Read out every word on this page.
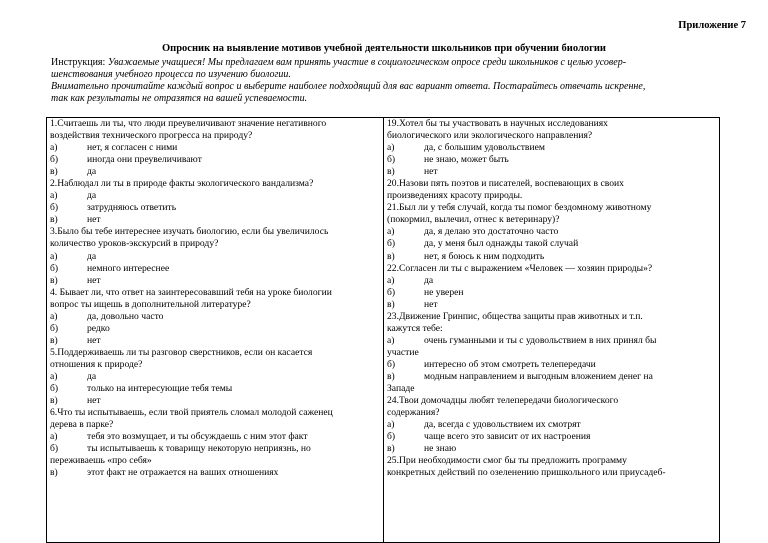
Приложение 7
Опросник на выявление мотивов учебной деятельности школьников при обучении биологии
Инструкция: Уважаемые учащиеся! Мы предлагаем вам принять участие в социологическом опросе среди школьников с целью усовер-
шенствования учебного процесса по изучению биологии.
Внимательно прочитайте каждый вопрос и выберите наиболее подходящий для вас вариант ответа. Постарайтесь отвечать искренне,
так как результаты не отразятся на вашей успеваемости.
1.Считаешь ли ты, что люди преувеличивают значение негативного
воздействия технического прогресса на природу?
а)	нет, я согласен с ними
б)	иногда они преувеличивают
в)	да
2.Наблюдал ли ты в природе факты экологического вандализма?
а)	да
б)	затрудняюсь ответить
в)	нет
3.Было бы тебе интереснее изучать биологию, если бы увеличилось
количество уроков-экскурсий в природу?
а)	да
б)	немного интереснее
в)	нет
4. Бывает ли, что ответ на заинтересовавший тебя на уроке биологии
вопрос ты ищешь в дополнительной литературе?
а)	да, довольно часто
б)	редко
в)	нет
5.Поддерживаешь ли ты разговор сверстников, если он касается
отношения к природе?
а)	да
б)	только на интересующие тебя темы
в)	нет
6.Что ты испытываешь, если твой приятель сломал молодой саженец
дерева в парке?
а)	тебя это возмущает, и ты обсуждаешь с ним этот факт
б)	ты испытываешь к товарищу некоторую неприязнь, но
переживаешь «про себя»
в)	этот факт не отражается на ваших отношениях
19.Хотел бы ты участвовать в научных исследованиях
биологического или экологического направления?
а)	да, с большим удовольствием
б)	не знаю, может быть
в)	нет
20.Назови пять поэтов и писателей, воспевающих в своих
произведениях красоту природы.
21.Был ли у тебя случай, когда ты помог бездомному животному
(покормил, вылечил, отнес к ветеринару)?
а)	да, я делаю это достаточно часто
б)	да, у меня был однажды такой случай
в)	нет, я боюсь к ним подходить
22.Согласен ли ты с выражением «Человек — хозяин природы»?
а)	да
б)	не уверен
в)	нет
23.Движение Гринпис, общества защиты прав животных и т.п.
кажутся тебе:
а)	очень гуманными и ты с удовольствием в них принял бы
участие
б)	интересно об этом смотреть телепередачи
в)	модным направлением и выгодным вложением денег на
Западе
24.Твои домочадцы любят телепередачи биологического
содержания?
а)	да, всегда с удовольствием их смотрят
б)	чаще всего это зависит от их настроения
в)	не знаю
25.При необходимости смог бы ты предложить программу
конкретных действий по озеленению пришкольного или приусадеб-
